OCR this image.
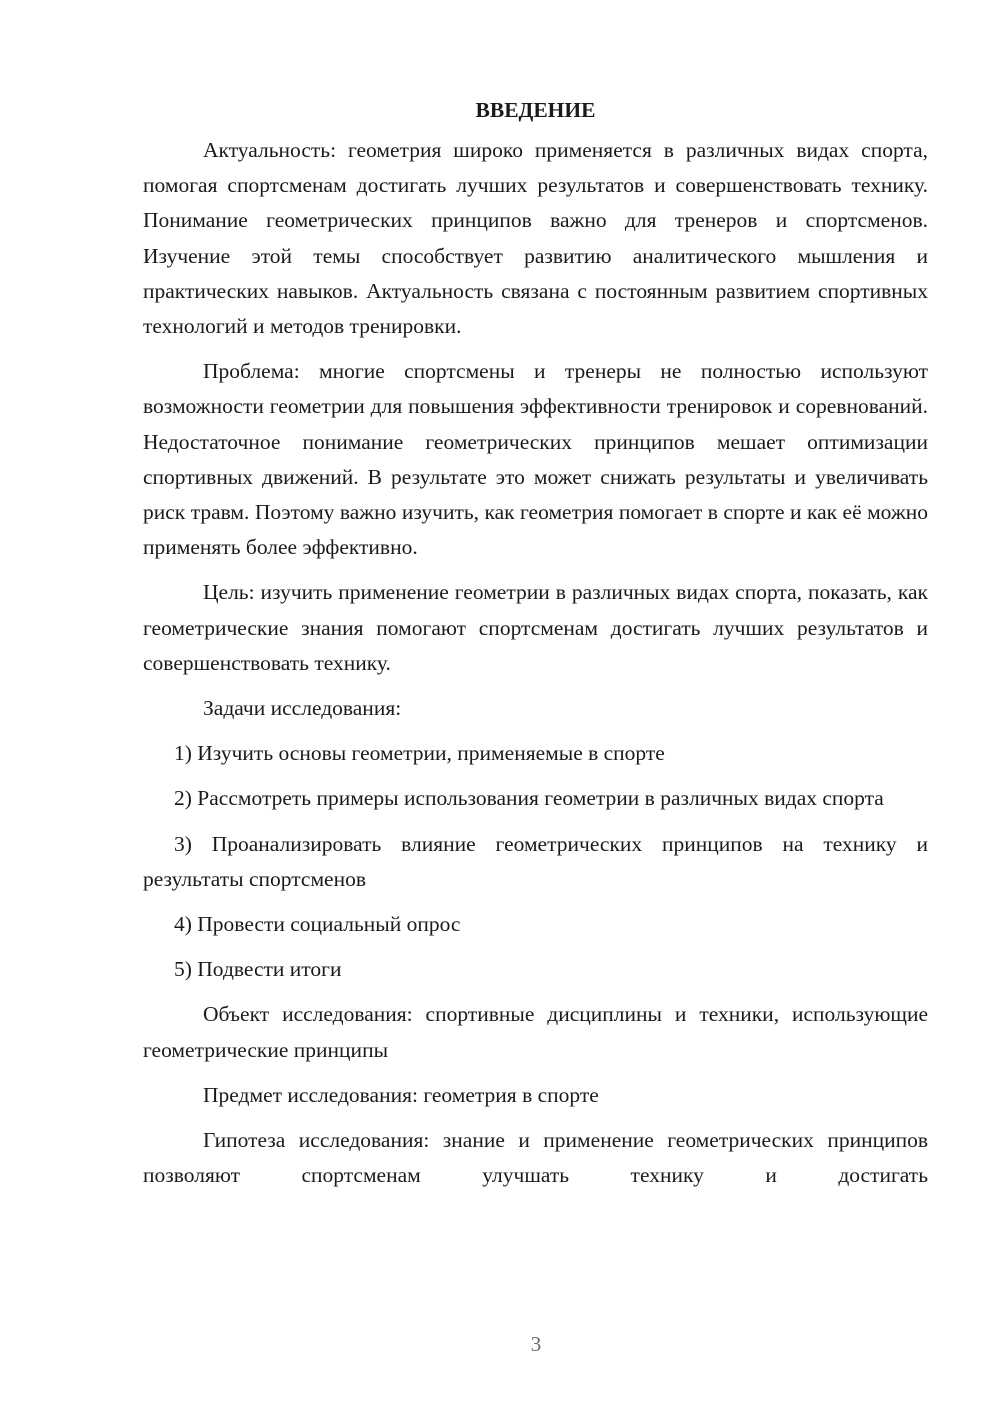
ВВЕДЕНИЕ

Актуальность: геометрия широко применяется в различных видах спорта, помогая спортсменам достигать лучших результатов и совершенствовать технику. Понимание геометрических принципов важно для тренеров и спортсменов. Изучение этой темы способствует развитию аналитического мышления и практических навыков. Актуальность связана с постоянным развитием спортивных технологий и методов тренировки.

Проблема: многие спортсмены и тренеры не полностью используют возможности геометрии для повышения эффективности тренировок и соревнований. Недостаточное понимание геометрических принципов мешает оптимизации спортивных движений. В результате это может снижать результаты и увеличивать риск травм. Поэтому важно изучить, как геометрия помогает в спорте и как её можно применять более эффективно.

Цель: изучить применение геометрии в различных видах спорта, показать, как геометрические знания помогают спортсменам достигать лучших результатов и совершенствовать технику.

Задачи исследования:

1) Изучить основы геометрии, применяемые в спорте

2) Рассмотреть примеры использования геометрии в различных видах спорта

3) Проанализировать влияние геометрических принципов на технику и результаты спортсменов

4) Провести социальный опрос

5) Подвести итоги

Объект исследования: спортивные дисциплины и техники, использующие геометрические принципы

Предмет исследования: геометрия в спорте

Гипотеза исследования: знание и применение геометрических принципов позволяют спортсменам улучшать технику и достигать

3
